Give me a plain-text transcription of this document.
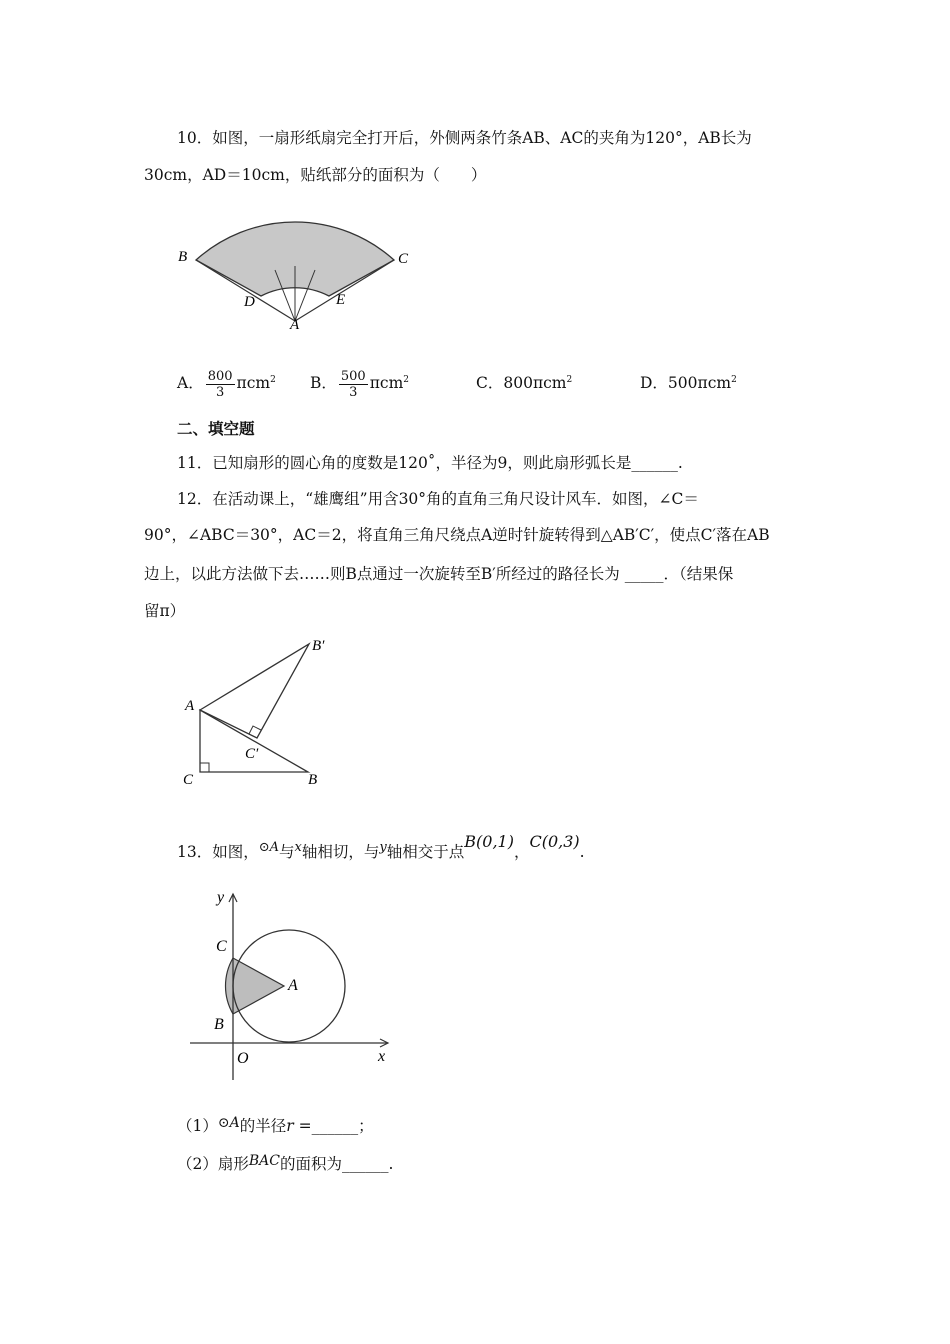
10．如图，一扇形纸扇完全打开后，外侧两条竹条AB、AC的夹角为120°，AB长为
30cm，AD＝10cm，贴纸部分的面积为（　　）
B	C
D	E
A
A． $\frac{800}{3} \pi cm^2$ B． $\frac{500}{3} \pi cm^2$	C．800πcm$^2$	D．500πcm$^2$
二、填空题
11．已知扇形的圆心角的度数是120˚，半径为9，则此扇形弧长是______.
12．在活动课上，“雄鹰组”用含30°角的直角三角尺设计风车．如图，∠C＝
90°，∠ABC＝30°，AC＝2，将直角三角尺绕点A逆时针旋转得到△AB′C′，使点C′落在AB
边上，以此方法做下去……则B点通过一次旋转至B′所经过的路径长为 _____．（结果保
留π）
A
C	B
B′
C′
13．如图，$^{⊙A}$与$^x$轴相切，与$^y$轴相交于点B(0,1)，C(0,3).
y
x
C
B
A
O
（1）⊙A的半径r =______；
（2）扇形BAC的面积为______.
